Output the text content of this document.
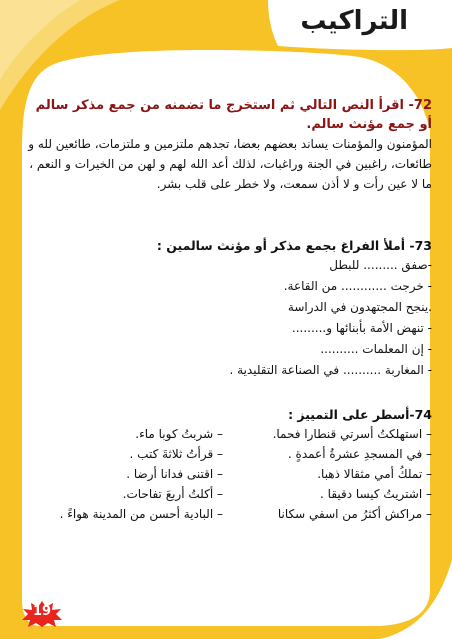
التراكيب
72- اقرأ النص التالي ثم استخرج ما تضمنه من جمع مذكر سالم أو جمع مؤنث سالم.
المؤمنون والمؤمنات يساند بعضهم بعضا، تجدهم ملتزمين و ملتزمات، طائعين لله و طائعات، راغبين في الجنة وراغبات، لذلك أعد الله لهم و لهن من الخيرات و النعم ، ما لا عين رأت و لا أذن سمعت، ولا خطر على قلب بشر.
73- أملأ الفراغ بجمع مذكر أو مؤنث سالمين :
-صفق ......... للبطل
- خرجت ............ من القاعة.
.ينجح المجتهدون في الدراسة
- تنهض الأمة بأبنائها و.........
- إن المعلمات ..........
- المغاربة .......... في الصناعة التقليدية .
74-أسطر على التمييز :
– استهلكتُ أسرتي قنطارا فحما.
– شربتُ كوبا ماء.
– في المسجدِ عشرةُ أعمدةٍ .
– قرأتُ ثلاثةَ كتب .
– تملكُ أمي مثقالا ذهبا.
– اقتنى فدانا أرضا .
– اشتريتُ كيسا دقيقا .
– أكلتُ أربعَ تفاحات.
– مراكش أكثرُ من اسفي سكانا
– البادية أحسن من المدينة هواءً .
19
